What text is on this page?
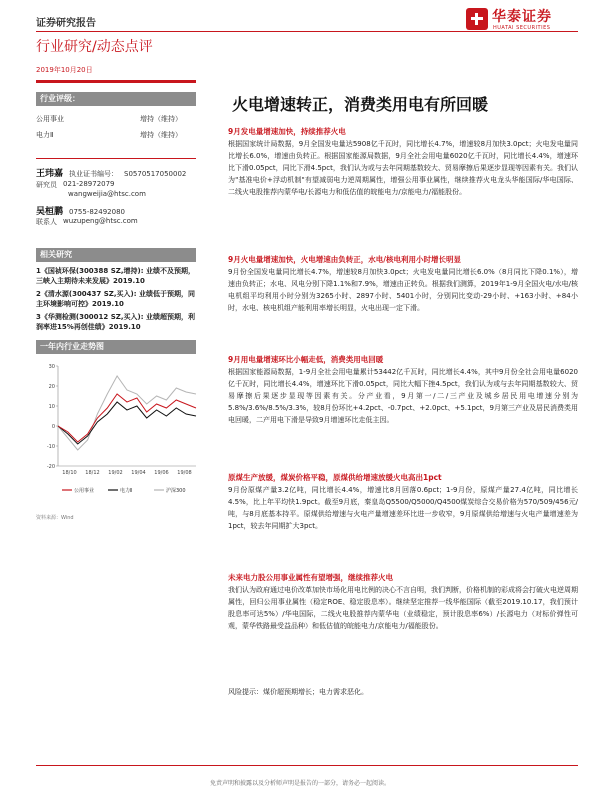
证券研究报告	华泰证券
HUATAI SECURITIES
行业研究/动态点评
2019年10月20日
火电增速转正，消费类用电有所回暖
行业评级：
公用事业	增持（维持）
电力Ⅱ	增持（维持）
王玮嘉 执业证书编号： S0570517050002
研究员 021-28972079
wangweijia@htsc.com
吴桓鹏 0755-82492080
联系人 wuzupeng@htsc.com
相关研究
1《国祯环保(300388 SZ,增持): 业绩不及预期，三峡入主期待未来发展》2019.10
2《清水源(300437 SZ,买入): 业绩低于预期，同主环境影响可控》2019.10
3《华测检测(300012 SZ,买入): 业绩超预期，利润率进15%再创佳绩》2019.10
一年内行业走势图
30
20
10
0
-10
-20
18/10 18/12 19/02 19/04 19/06 19/08
公用事业	电力Ⅱ	沪深300
资料来源：Wind
9月发电量增速加快，持续推荐火电
根据国家统计局数据，9月全国发电量达5908亿千瓦时，同比增长4.7%，增速较8月加快3.0pct；火电发电量同比增长6.0%，增速由负转正。根据国家能源局数据，9月全社会用电量6020亿千瓦时，同比增长4.4%，增速环比下滑0.05pct，同比下滑4.5pct，我们认为或与去年同期基数较大、贸易摩擦后果逐步显现等因素有关。我们认为"基准电价+浮动机制"有望减弱电力逆周期属性，增强公用事业属性，继续推荐火电龙头华能国际/华电国际、二线火电股推荐内蒙华电/长源电力和低估值的皖能电力/京能电力/福能股份。
9月火电量增速加快，火电增速由负转正，水电/核电利用小时增长明显
9月份全国发电量同比增长4.7%，增速较8月加快3.0pct；火电发电量同比增长6.0%（8月同比下降0.1%），增速由负转正；水电、风电分别下降1.1%和7.9%，增速由正转负。根据我们测算，2019年1-9月全国火电/水电/核电机组平均利用小时分别为3265小时、2897小时、5401小时，分别同比变动-29小时、+163小时、+84小时，水电、核电机组产能利用率增长明显，火电出现一定下滑。
9月用电量增速环比小幅走低，消费类用电回暖
根据国家能源局数据，1-9月全社会用电量累计53442亿千瓦时，同比增长4.4%，其中9月份全社会用电量6020亿千瓦时，同比增长4.4%，增速环比下滑0.05pct，同比大幅下挫4.5pct，我们认为或与去年同期基数较大、贸易摩擦后果逐步显现等因素有关。分产业看，9月第一/二/三产业及城乡居民用电增速分别为5.8%/3.6%/8.5%/3.3%，较8月份环比+4.2pct、-0.7pct、+2.0pct、+5.1pct，9月第三产业及居民消费类用电回暖，二产用电下滑是导致9月增速环比走低主因。
原煤生产放缓，煤炭价格平稳，原煤供给增速放缓火电高出1pct
9月份原煤产量3.2亿吨，同比增长4.4%，增速比8月回落0.6pct；1-9月份，原煤产量27.4亿吨，同比增长4.5%，比上年平均快1.9pct。截至9月底，秦皇岛Q5500/Q5000/Q4500煤炭综合交易价格为570/509/456元/吨，与8月底基本持平。原煤供给增速与火电产量增速差环比进一步收窄，9月原煤供给增速与火电产量增速差为1pct，较去年同期扩大3pct。
未来电力股公用事业属性有望增强，继续推荐火电
我们认为政府通过电价改革加快市场化用电比例的决心不言自明，我们判断，价格机制的彩成将会打破火电逆周期属性，回归公用事业属性（稳定ROE、稳定股息率）。继续坚定推荐一线华能国际（截至2019.10.17，我们预计股息率可达5%）/华电国际，二线火电股推荐内蒙华电（业绩稳定，预计股息率6%）/长源电力（对标价弹性可观，蒙华铁路最受益品种）和低估值的皖能电力/京能电力/福能股份。
风险提示：煤价超预期增长；电力需求恶化。
免责声明和披露以及分析师声明是报告的一部分，请务必一起阅读。
